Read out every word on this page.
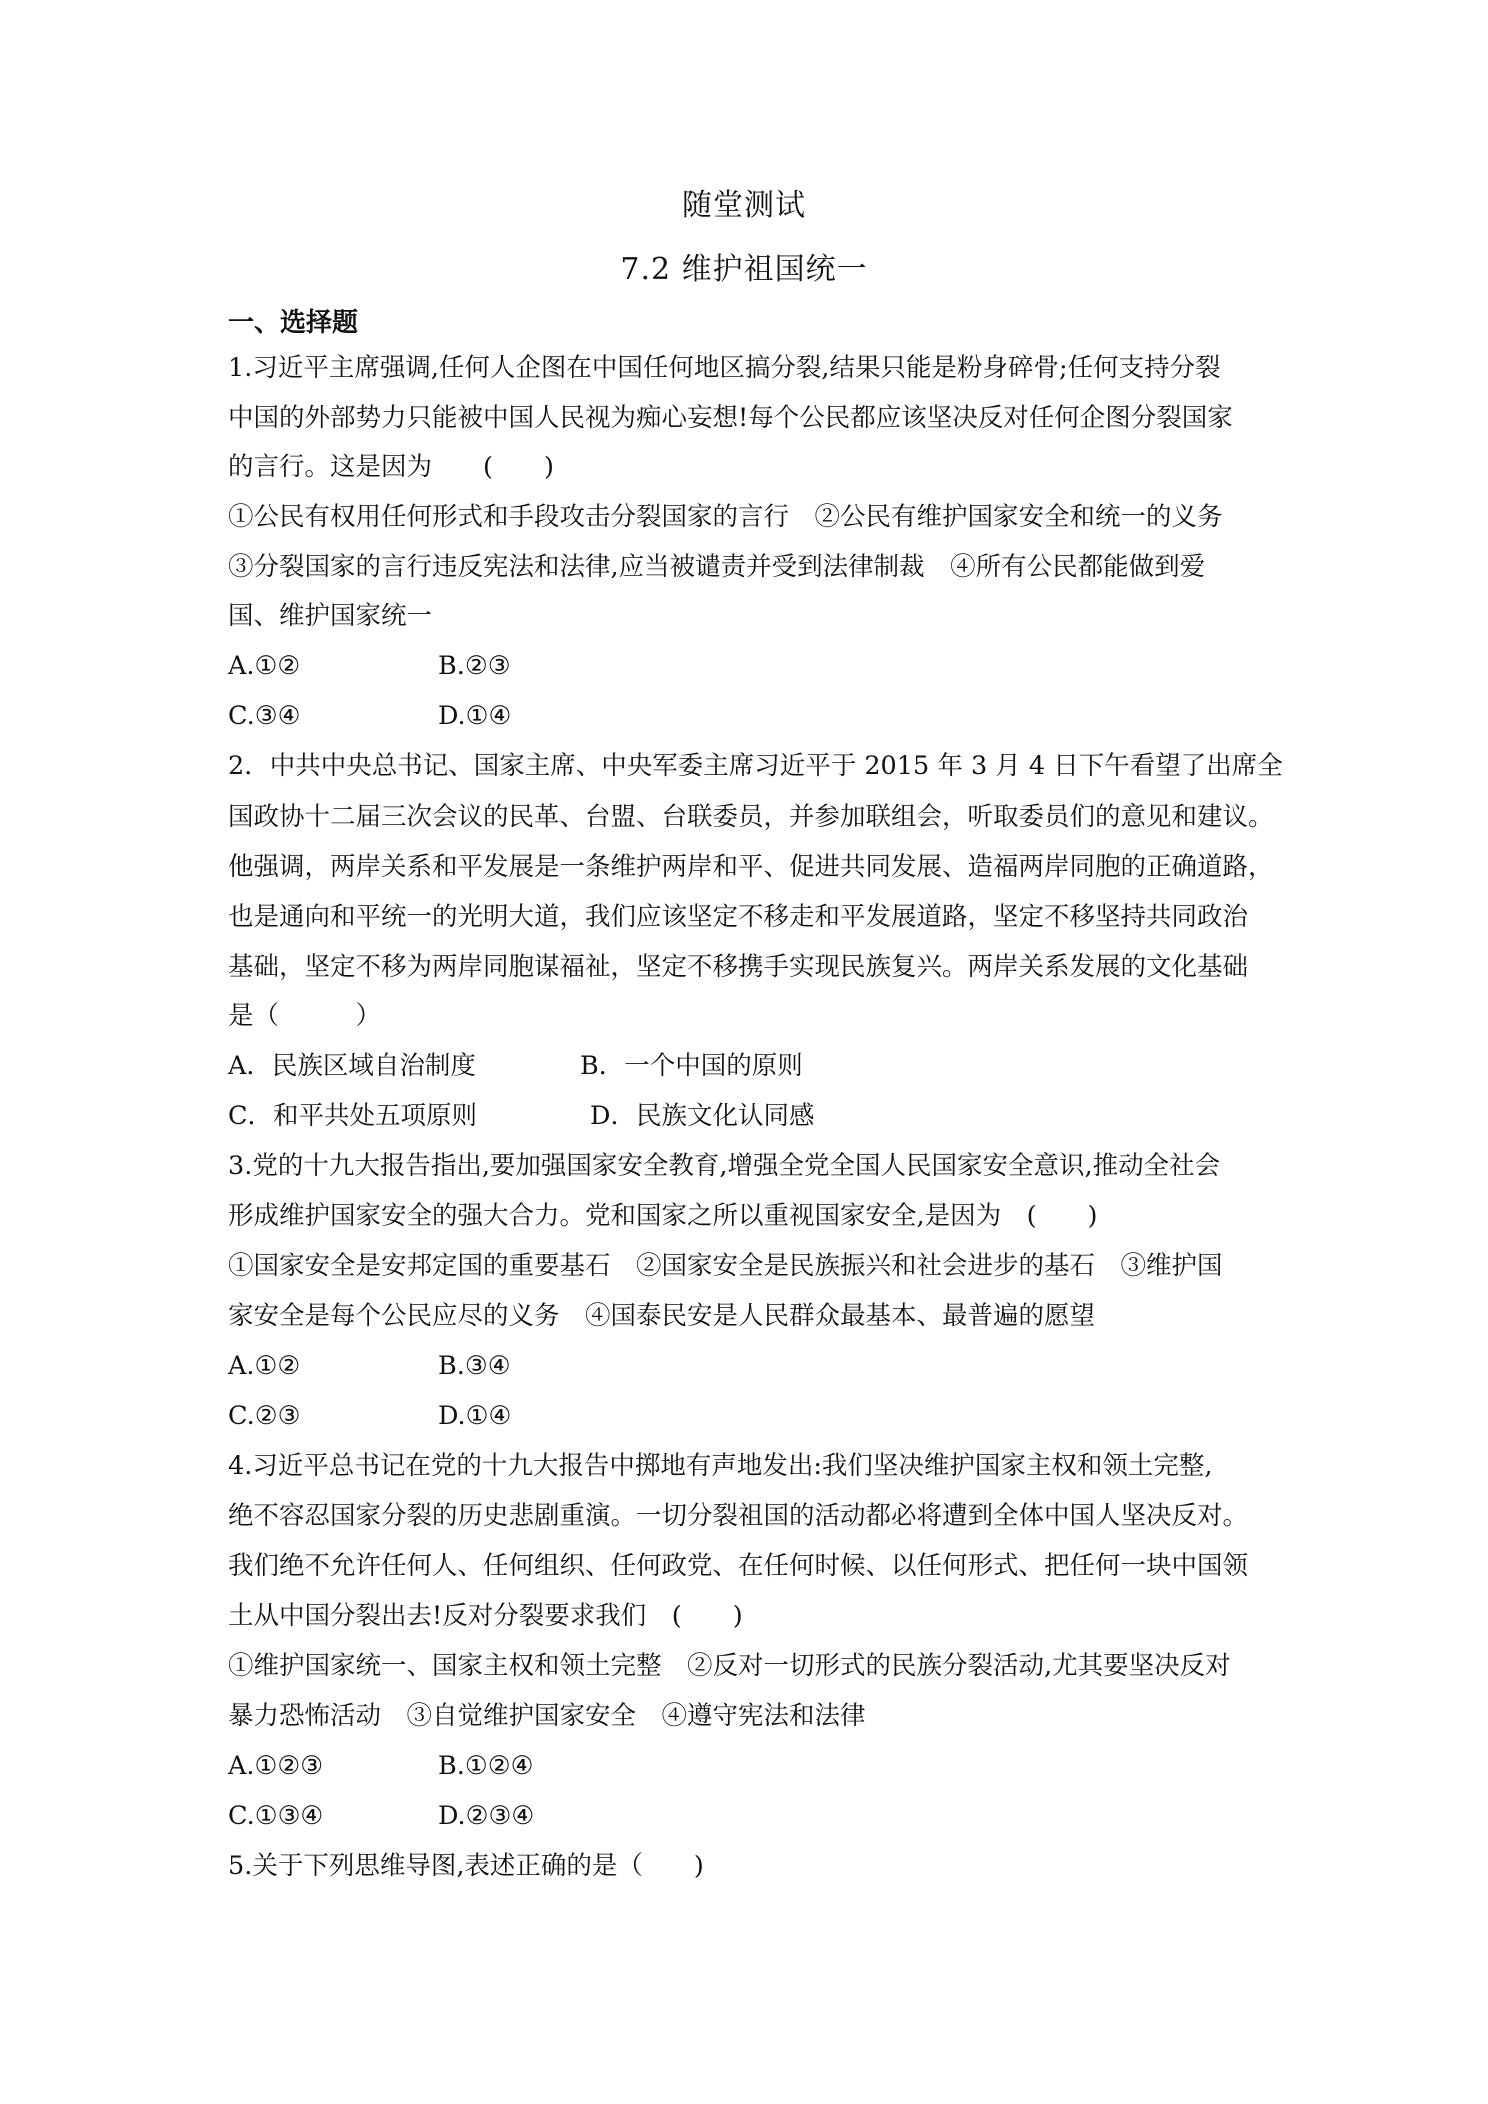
随堂测试
7.2 维护祖国统一
一、选择题
1.习近平主席强调,任何人企图在中国任何地区搞分裂,结果只能是粉身碎骨;任何支持分裂
中国的外部势力只能被中国人民视为痴心妄想!每个公民都应该坚决反对任何企图分裂国家
的言行。这是因为　　(　　)
①公民有权用任何形式和手段攻击分裂国家的言行　②公民有维护国家安全和统一的义务
③分裂国家的言行违反宪法和法律,应当被谴责并受到法律制裁　④所有公民都能做到爱
国、维护国家统一
A.①②	B.②③
C.③④	D.①④
2．中共中央总书记、国家主席、中央军委主席习近平于 2015 年 3 月 4 日下午看望了出席全
国政协十二届三次会议的民革、台盟、台联委员，并参加联组会，听取委员们的意见和建议。
他强调，两岸关系和平发展是一条维护两岸和平、促进共同发展、造福两岸同胞的正确道路，
也是通向和平统一的光明大道，我们应该坚定不移走和平发展道路，坚定不移坚持共同政治
基础，坚定不移为两岸同胞谋福祉，坚定不移携手实现民族复兴。两岸关系发展的文化基础
是（　　　）
A．民族区域自治制度	B．一个中国的原则
C．和平共处五项原则	D．民族文化认同感
3.党的十九大报告指出,要加强国家安全教育,增强全党全国人民国家安全意识,推动全社会
形成维护国家安全的强大合力。党和国家之所以重视国家安全,是因为　(　　)
①国家安全是安邦定国的重要基石　②国家安全是民族振兴和社会进步的基石　③维护国
家安全是每个公民应尽的义务　④国泰民安是人民群众最基本、最普遍的愿望
A.①②	B.③④
C.②③	D.①④
4.习近平总书记在党的十九大报告中掷地有声地发出:我们坚决维护国家主权和领土完整,
绝不容忍国家分裂的历史悲剧重演。一切分裂祖国的活动都必将遭到全体中国人坚决反对。
我们绝不允许任何人、任何组织、任何政党、在任何时候、以任何形式、把任何一块中国领
土从中国分裂出去!反对分裂要求我们　(　　)
①维护国家统一、国家主权和领土完整　②反对一切形式的民族分裂活动,尤其要坚决反对
暴力恐怖活动　③自觉维护国家安全　④遵守宪法和法律
A.①②③	B.①②④
C.①③④	D.②③④
5.关于下列思维导图,表述正确的是（　　)
